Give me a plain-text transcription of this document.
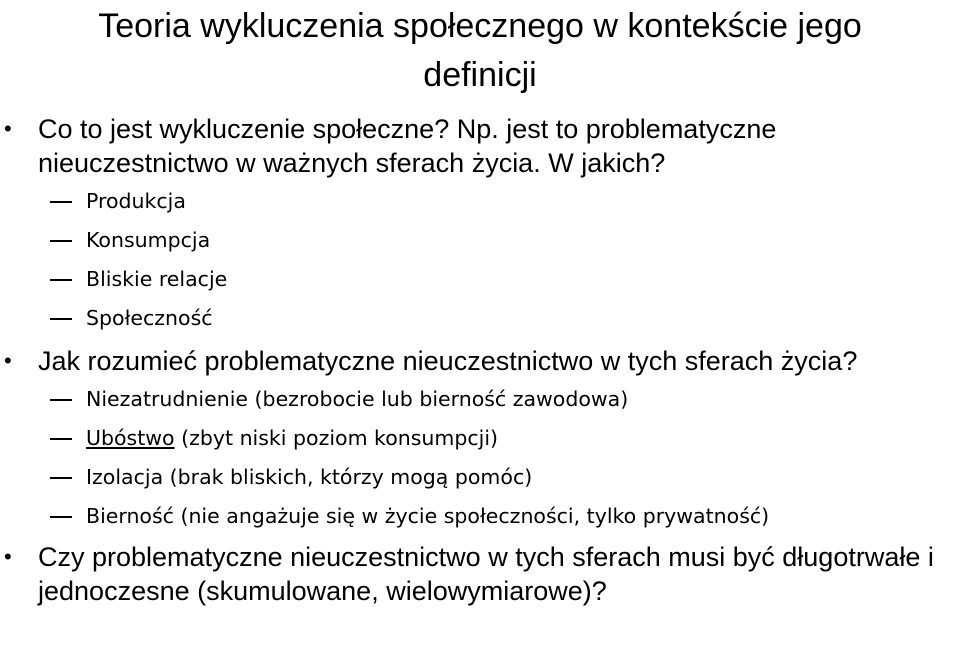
Teoria wykluczenia społecznego w kontekście jego definicji
• Co to jest wykluczenie społeczne? Np. jest to problematyczne nieuczestnictwo w ważnych sferach życia. W jakich?
Produkcja
Konsumpcja
Bliskie relacje
Społeczność
• Jak rozumieć problematyczne nieuczestnictwo w tych sferach życia?
Niezatrudnienie (bezrobocie lub bierność zawodowa)
Ubóstwo (zbyt niski poziom konsumpcji)
Izolacja (brak bliskich, którzy mogą pomóc)
Bierność (nie angażuje się w życie społeczności, tylko prywatność)
• Czy problematyczne nieuczestnictwo w tych sferach musi być długotrwałe i jednoczesne (skumulowane, wielowymiarowe)?
